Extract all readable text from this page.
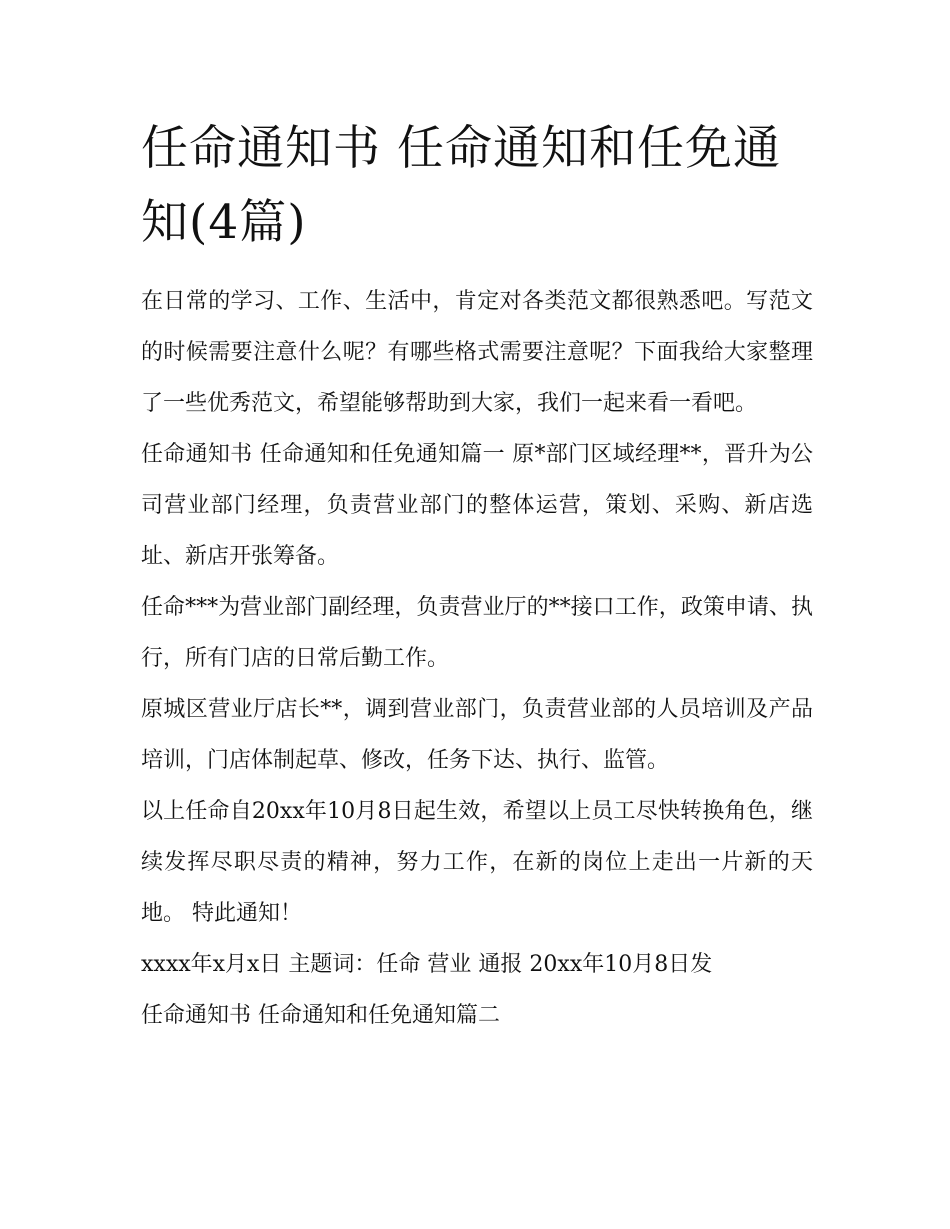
任命通知书 任命通知和任免通知(4篇)

在日常的学习、工作、生活中，肯定对各类范文都很熟悉吧。写范文的时候需要注意什么呢？有哪些格式需要注意呢？下面我给大家整理了一些优秀范文，希望能够帮助到大家，我们一起来看一看吧。

任命通知书 任命通知和任免通知篇一 原*部门区域经理**，晋升为公司营业部门经理，负责营业部门的整体运营，策划、采购、新店选址、新店开张筹备。

任命***为营业部门副经理，负责营业厅的**接口工作，政策申请、执行，所有门店的日常后勤工作。

原城区营业厅店长**，调到营业部门，负责营业部的人员培训及产品培训，门店体制起草、修改，任务下达、执行、监管。

以上任命自20xx年10月8日起生效，希望以上员工尽快转换角色，继续发挥尽职尽责的精神，努力工作，在新的岗位上走出一片新的天地。 特此通知！

xxxx年x月x日 主题词：任命 营业 通报 20xx年10月8日发

任命通知书 任命通知和任免通知篇二
